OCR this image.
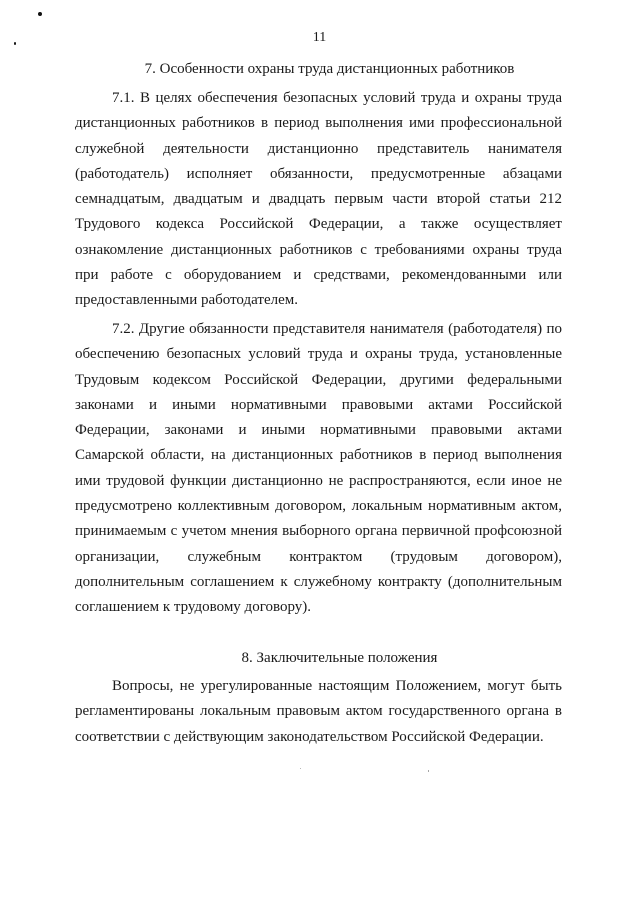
11
7. Особенности охраны труда дистанционных работников
7.1. В целях обеспечения безопасных условий труда и охраны труда дистанционных работников в период выполнения ими профессиональной служебной деятельности дистанционно представитель нанимателя (работодатель) исполняет обязанности, предусмотренные абзацами семнадцатым, двадцатым и двадцать первым части второй статьи 212 Трудового кодекса Российской Федерации, а также осуществляет ознакомление дистанционных работников с требованиями охраны труда при работе с оборудованием и средствами, рекомендованными или предоставленными работодателем.
7.2. Другие обязанности представителя нанимателя (работодателя) по обеспечению безопасных условий труда и охраны труда, установленные Трудовым кодексом Российской Федерации, другими федеральными законами и иными нормативными правовыми актами Российской Федерации, законами и иными нормативными правовыми актами Самарской области, на дистанционных работников в период выполнения ими трудовой функции дистанционно не распространяются, если иное не предусмотрено коллективным договором, локальным нормативным актом, принимаемым с учетом мнения выборного органа первичной профсоюзной организации, служебным контрактом (трудовым договором), дополнительным соглашением к служебному контракту (дополнительным соглашением к трудовому договору).
8. Заключительные положения
Вопросы, не урегулированные настоящим Положением, могут быть регламентированы локальным правовым актом государственного органа в соответствии с действующим законодательством Российской Федерации.
